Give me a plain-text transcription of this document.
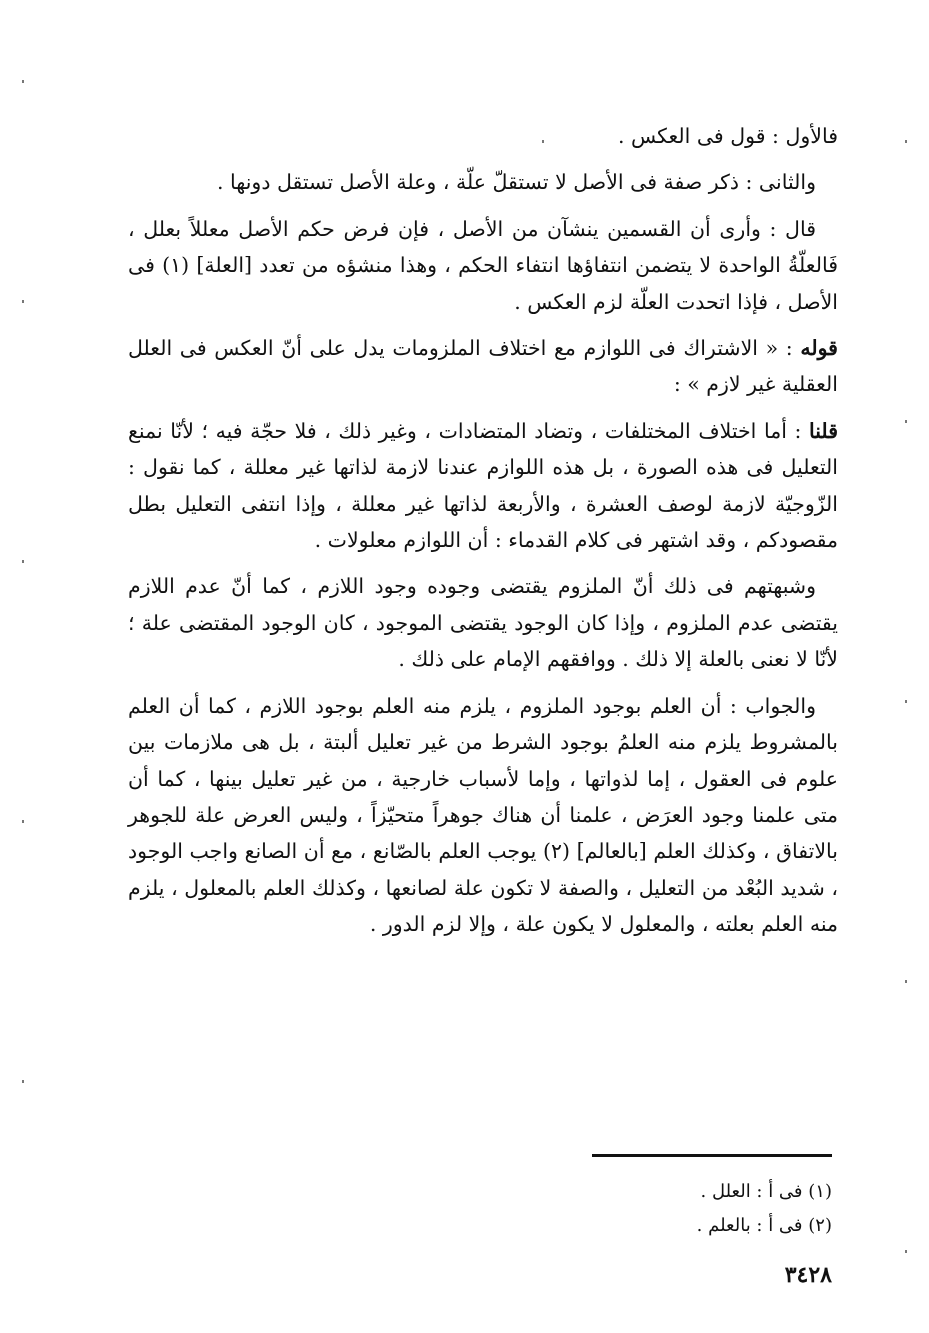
فالأول : قول فى العكس .

والثانى : ذكر صفة فى الأصل لا تستقلّ علّة ، وعلة الأصل تستقل دونها .

قال : وأرى أن القسمين ينشآن من الأصل ، فإن فرض حكم الأصل معللاً بعلل ، فَالعلّةُ الواحدة لا يتضمن انتفاؤها انتفاء الحكم ، وهذا منشؤه من تعدد [العلة] (١) فى الأصل ، فإذا اتحدت العلّة لزم العكس .

قوله : « الاشتراك فى اللوازم مع اختلاف الملزومات يدل على أنّ العكس فى العلل العقلية غير لازم » :

قلنا : أما اختلاف المختلفات ، وتضاد المتضادات ، وغير ذلك ، فلا حجّة فيه ؛ لأنّا نمنع التعليل فى هذه الصورة ، بل هذه اللوازم عندنا لازمة لذاتها غير معللة ، كما نقول : الزّوجيّة لازمة لوصف العشرة ، والأربعة لذاتها غير معللة ، وإذا انتفى التعليل بطل مقصودكم ، وقد اشتهر فى كلام القدماء : أن اللوازم معلولات .

وشبهتهم فى ذلك أنّ الملزوم يقتضى وجوده وجود اللازم ، كما أنّ عدم اللازم يقتضى عدم الملزوم ، وإذا كان الوجود يقتضى الموجود ، كان الوجود المقتضى علة ؛ لأنّا لا نعنى بالعلة إلا ذلك . ووافقهم الإمام على ذلك .

والجواب : أن العلم بوجود الملزوم ، يلزم منه العلم بوجود اللازم ، كما أن العلم بالمشروط يلزم منه العلمُ بوجود الشرط من غير تعليل ألبتة ، بل هى ملازمات بين علوم فى العقول ، إما لذواتها ، وإما لأسباب خارجية ، من غير تعليل بينها ، كما أن متى علمنا وجود العرَض ، علمنا أن هناك جوهراً متحيّزاً ، وليس العرض علة للجوهر بالاتفاق ، وكذلك العلم [بالعالم] (٢) يوجب العلم بالصّانع ، مع أن الصانع واجب الوجود ، شديد البُعْد من التعليل ، والصفة لا تكون علة لصانعها ، وكذلك العلم بالمعلول ، يلزم منه العلم بعلته ، والمعلول لا يكون علة ، وإلا لزم الدور .

(١) فى أ : العلل .

(٢) فى أ : بالعلم .

٣٤٢٨
